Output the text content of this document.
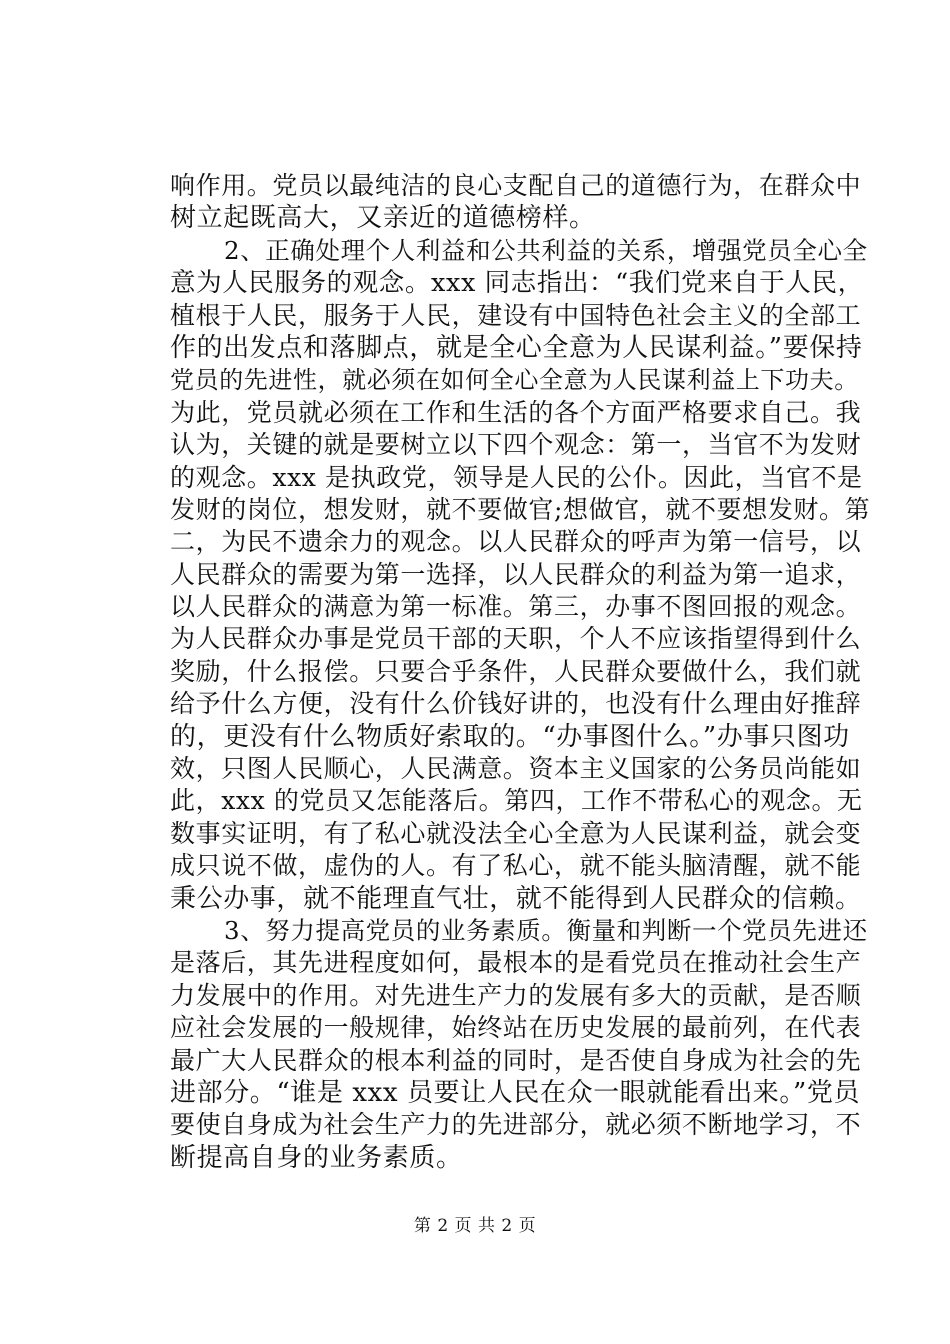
响作用。党员以最纯洁的良心支配自己的道德行为，在群众中
树立起既高大，又亲近的道德榜样。
2、正确处理个人利益和公共利益的关系，增强党员全心全
意为人民服务的观念。xxx 同志指出：“我们党来自于人民，
植根于人民，服务于人民，建设有中国特色社会主义的全部工
作的出发点和落脚点，就是全心全意为人民谋利益。”要保持
党员的先进性，就必须在如何全心全意为人民谋利益上下功夫。
为此，党员就必须在工作和生活的各个方面严格要求自己。我
认为，关键的就是要树立以下四个观念：第一，当官不为发财
的观念。xxx 是执政党，领导是人民的公仆。因此，当官不是
发财的岗位，想发财，就不要做官;想做官，就不要想发财。第
二，为民不遗余力的观念。以人民群众的呼声为第一信号，以
人民群众的需要为第一选择，以人民群众的利益为第一追求，
以人民群众的满意为第一标准。第三，办事不图回报的观念。
为人民群众办事是党员干部的天职，个人不应该指望得到什么
奖励，什么报偿。只要合乎条件，人民群众要做什么，我们就
给予什么方便，没有什么价钱好讲的，也没有什么理由好推辞
的，更没有什么物质好索取的。“办事图什么。”办事只图功
效，只图人民顺心，人民满意。资本主义国家的公务员尚能如
此，xxx 的党员又怎能落后。第四，工作不带私心的观念。无
数事实证明，有了私心就没法全心全意为人民谋利益，就会变
成只说不做，虚伪的人。有了私心，就不能头脑清醒，就不能
秉公办事，就不能理直气壮，就不能得到人民群众的信赖。
3、努力提高党员的业务素质。衡量和判断一个党员先进还
是落后，其先进程度如何，最根本的是看党员在推动社会生产
力发展中的作用。对先进生产力的发展有多大的贡献，是否顺
应社会发展的一般规律，始终站在历史发展的最前列，在代表
最广大人民群众的根本利益的同时，是否使自身成为社会的先
进部分。“谁是 xxx 员要让人民在众一眼就能看出来。”党员
要使自身成为社会生产力的先进部分，就必须不断地学习，不
断提高自身的业务素质。
第 2 页 共 2 页
